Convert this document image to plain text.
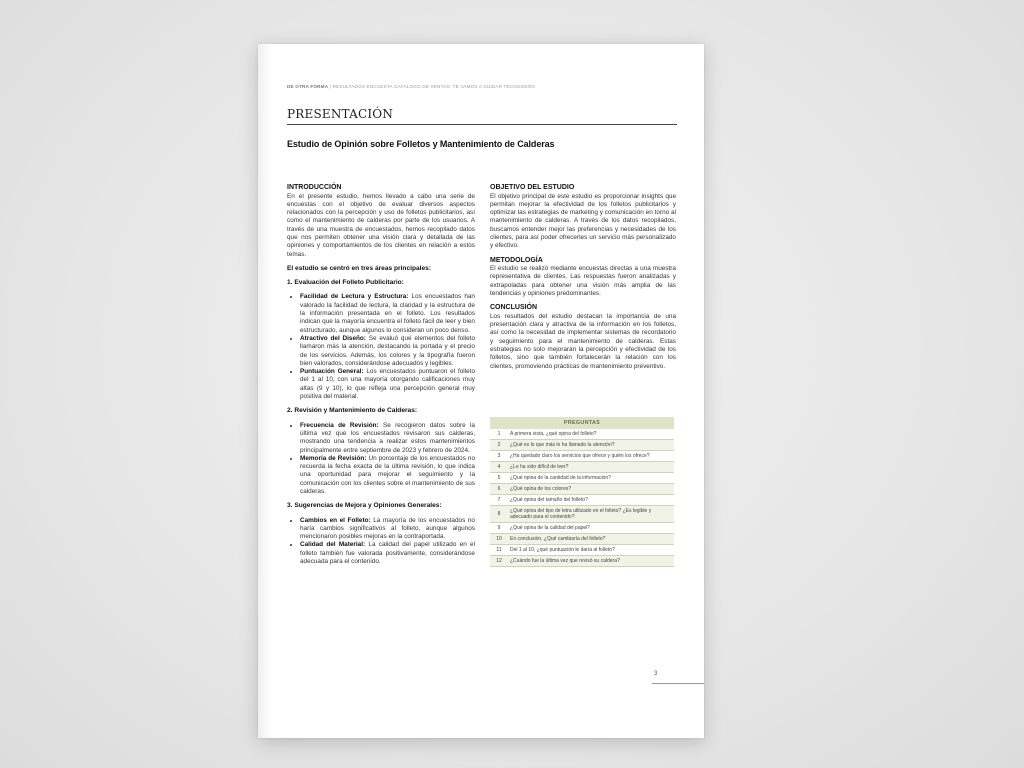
DE OTRA FORMA | RESULTADOS ENCUESTA CATÁLOGO DE VENTAS: TE VAMOS A CUIDAR TECNOGEÓN
PRESENTACIÓN
Estudio de Opinión sobre Folletos y Mantenimiento de Calderas

INTRODUCCIÓN

En el presente estudio, hemos llevado a cabo una serie de encuestas con el objetivo de evaluar diversos aspectos relacionados con la percepción y uso de folletos publicitarios, así como el mantenimiento de calderas por parte de los usuarios. A través de una muestra de encuestados, hemos recopilado datos que nos permiten obtener una visión clara y detallada de las opiniones y comportamientos de los clientes en relación a estos temas.

El estudio se centró en tres áreas principales:

1. Evaluación del Folleto Publicitario:

• Facilidad de Lectura y Estructura: Los encuestados han valorado la facilidad de lectura, la claridad y la estructura de la información presentada en el folleto. Los resultados indican que la mayoría encuentra el folleto fácil de leer y bien estructurado, aunque algunos lo consideran un poco denso.
• Atractivo del Diseño: Se evaluó qué elementos del folleto llamaron más la atención, destacando la portada y el precio de los servicios. Además, los colores y la tipografía fueron bien valorados, considerándose adecuados y legibles.
• Puntuación General: Los encuestados puntuaron el folleto del 1 al 10, con una mayoría otorgando calificaciones muy altas (9 y 10), lo que refleja una percepción general muy positiva del material.

2. Revisión y Mantenimiento de Calderas:

• Frecuencia de Revisión: Se recogieron datos sobre la última vez que los encuestados revisaron sus calderas, mostrando una tendencia a realizar estos mantenimientos principalmente entre septiembre de 2023 y febrero de 2024.
• Memoria de Revisión: Un porcentaje de los encuestados no recuerda la fecha exacta de la última revisión, lo que indica una oportunidad para mejorar el seguimiento y la comunicación con los clientes sobre el mantenimiento de sus calderas.

3. Sugerencias de Mejora y Opiniones Generales:

• Cambios en el Folleto: La mayoría de los encuestados no haría cambios significativos al folleto, aunque algunos mencionaron posibles mejoras en la contraportada.
• Calidad del Material: La calidad del papel utilizado en el folleto también fue valorada positivamente, considerándose adecuada para el contenido.

OBJETIVO DEL ESTUDIO

El objetivo principal de este estudio es proporcionar insights que permitan mejorar la efectividad de los folletos publicitarios y optimizar las estrategias de marketing y comunicación en torno al mantenimiento de calderas. A través de los datos recopilados, buscamos entender mejor las preferencias y necesidades de los clientes, para así poder ofrecerles un servicio más personalizado y efectivo.

METODOLOGÍA

El estudio se realizó mediante encuestas directas a una muestra representativa de clientes. Las respuestas fueron analizadas y extrapoladas para obtener una visión más amplia de las tendencias y opiniones predominantes.

CONCLUSIÓN

Los resultados del estudio destacan la importancia de una presentación clara y atractiva de la información en los folletos, así como la necesidad de implementar sistemas de recordatorio y seguimiento para el mantenimiento de calderas. Estas estrategias no solo mejorarán la percepción y efectividad de los folletos, sino que también fortalecerán la relación con los clientes, promoviendo prácticas de mantenimiento preventivo.

PREGUNTAS	
1	A primera vista, ¿qué opina del folleto?
2	¿Qué es lo que más le ha llamado la atención?
3	¿Ha quedado claro los servicios que ofrece y quién los ofrece?
4	¿Le ha sido difícil de leer?
5	¿Qué opina de la cantidad de la información?
6	¿Qué opina de los colores?
7	¿Qué opina del tamaño del folleto?
8	¿Qué opina del tipo de letra utilizado en el folleto? ¿Es legible y adecuado para el contenido?
9	¿Qué opina de la calidad del papel?
10	En conclusión, ¿Qué cambiaría del folleto?
11	Del 1 al 10, ¿qué puntuación le daría al folleto?
12	¿Cuándo fue la última vez que revisó su caldera?
3
